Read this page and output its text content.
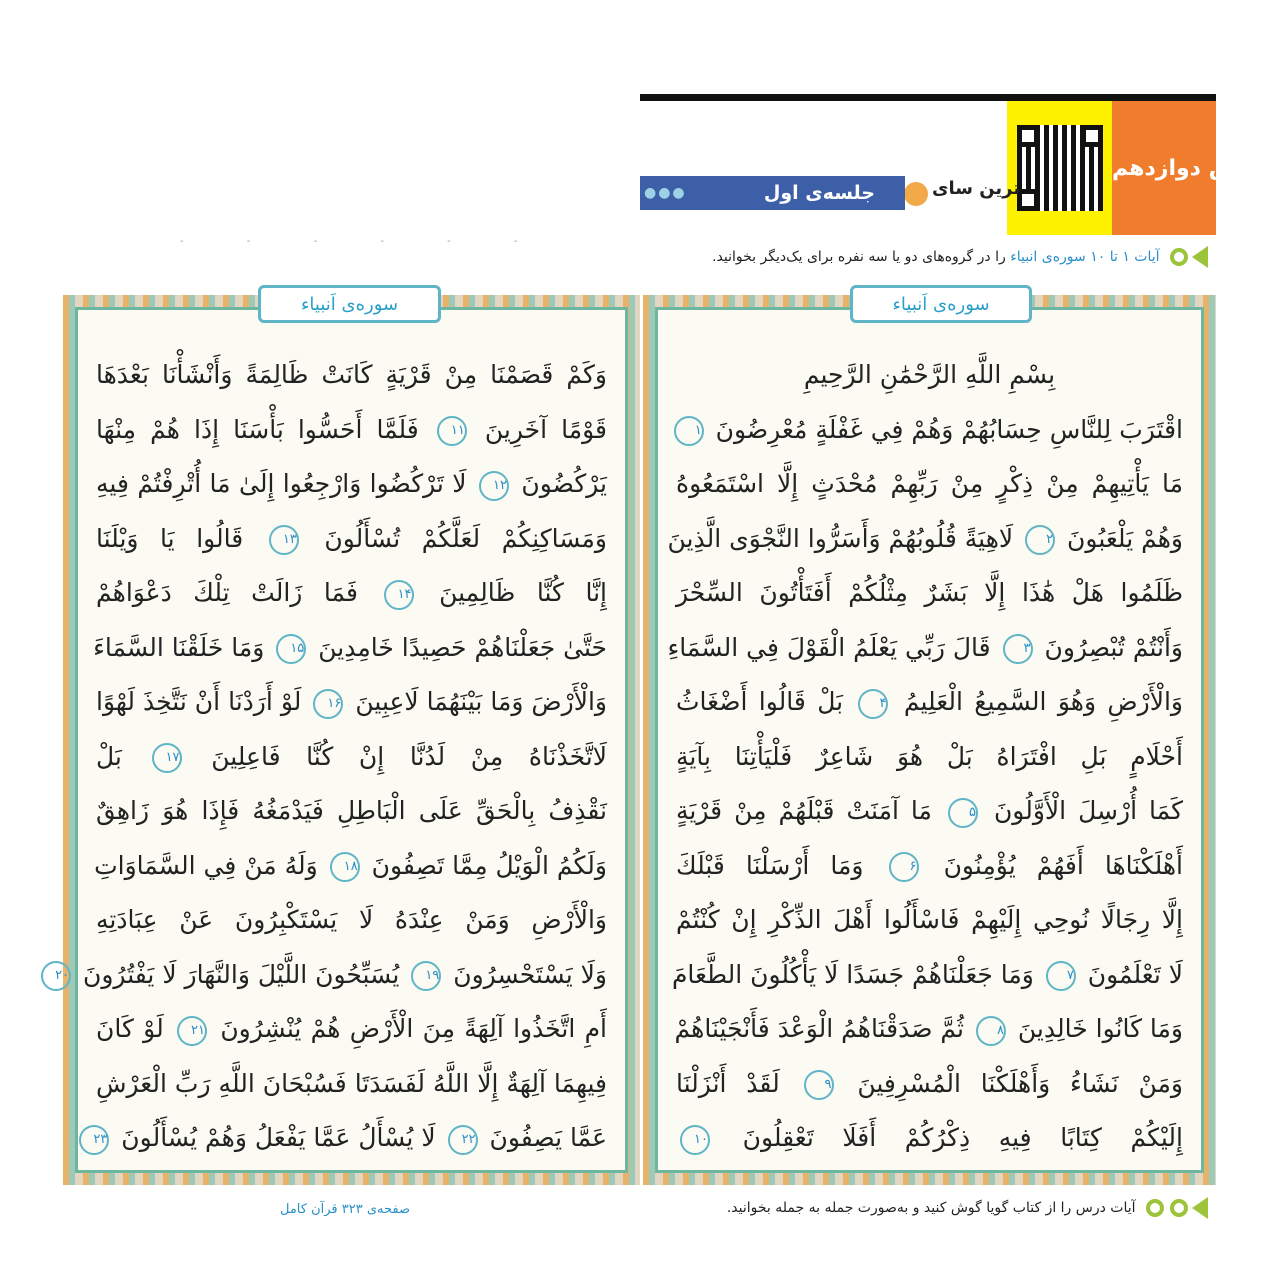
درس دوازدهم
ترین سای
جلسه‌ی اول
●●●
آیات ۱ تا ۱۰ سوره‌ی انبیاء را در گروه‌های دو یا سه نفره برای یک‌دیگر بخوانید.
- - - - - -
وَكَمْ قَصَمْنَا مِنْ قَرْيَةٍ كَانَتْ ظَالِمَةً وَأَنْشَأْنَا بَعْدَهَا
قَوْمًا آخَرِينَ ۱۱ فَلَمَّا أَحَسُّوا بَأْسَنَا إِذَا هُمْ مِنْهَا
يَرْكُضُونَ ۱۲ لَا تَرْكُضُوا وَارْجِعُوا إِلَىٰ مَا أُتْرِفْتُمْ فِيهِ
وَمَسَاكِنِكُمْ لَعَلَّكُمْ تُسْأَلُونَ ۱۳ قَالُوا يَا وَيْلَنَا
إِنَّا كُنَّا ظَالِمِينَ ۱۴ فَمَا زَالَتْ تِلْكَ دَعْوَاهُمْ
حَتَّىٰ جَعَلْنَاهُمْ حَصِيدًا خَامِدِينَ ۱۵ وَمَا خَلَقْنَا السَّمَاءَ
وَالْأَرْضَ وَمَا بَيْنَهُمَا لَاعِبِينَ ۱۶ لَوْ أَرَدْنَا أَنْ نَتَّخِذَ لَهْوًا
لَاتَّخَذْنَاهُ مِنْ لَدُنَّا إِنْ كُنَّا فَاعِلِينَ ۱۷ بَلْ
نَقْذِفُ بِالْحَقِّ عَلَى الْبَاطِلِ فَيَدْمَغُهُ فَإِذَا هُوَ زَاهِقٌ
وَلَكُمُ الْوَيْلُ مِمَّا تَصِفُونَ ۱۸ وَلَهُ مَنْ فِي السَّمَاوَاتِ
وَالْأَرْضِ وَمَنْ عِنْدَهُ لَا يَسْتَكْبِرُونَ عَنْ عِبَادَتِهِ
وَلَا يَسْتَحْسِرُونَ ۱۹ يُسَبِّحُونَ اللَّيْلَ وَالنَّهَارَ لَا يَفْتُرُونَ ۲۰
أَمِ اتَّخَذُوا آلِهَةً مِنَ الْأَرْضِ هُمْ يُنْشِرُونَ ۲۱ لَوْ كَانَ
فِيهِمَا آلِهَةٌ إِلَّا اللَّهُ لَفَسَدَتَا فَسُبْحَانَ اللَّهِ رَبِّ الْعَرْشِ
عَمَّا يَصِفُونَ ۲۲ لَا يُسْأَلُ عَمَّا يَفْعَلُ وَهُمْ يُسْأَلُونَ ۲۳
سوره‌ی اَنبیاء
بِسْمِ اللَّهِ الرَّحْمَٰنِ الرَّحِيمِ
اقْتَرَبَ لِلنَّاسِ حِسَابُهُمْ وَهُمْ فِي غَفْلَةٍ مُعْرِضُونَ ۱
مَا يَأْتِيهِمْ مِنْ ذِكْرٍ مِنْ رَبِّهِمْ مُحْدَثٍ إِلَّا اسْتَمَعُوهُ
وَهُمْ يَلْعَبُونَ ۲ لَاهِيَةً قُلُوبُهُمْ وَأَسَرُّوا النَّجْوَى الَّذِينَ
ظَلَمُوا هَلْ هَٰذَا إِلَّا بَشَرٌ مِثْلُكُمْ أَفَتَأْتُونَ السِّحْرَ
وَأَنْتُمْ تُبْصِرُونَ ۳ قَالَ رَبِّي يَعْلَمُ الْقَوْلَ فِي السَّمَاءِ
وَالْأَرْضِ وَهُوَ السَّمِيعُ الْعَلِيمُ ۴ بَلْ قَالُوا أَضْغَاثُ
أَحْلَامٍ بَلِ افْتَرَاهُ بَلْ هُوَ شَاعِرٌ فَلْيَأْتِنَا بِآيَةٍ
كَمَا أُرْسِلَ الْأَوَّلُونَ ۵ مَا آمَنَتْ قَبْلَهُمْ مِنْ قَرْيَةٍ
أَهْلَكْنَاهَا أَفَهُمْ يُؤْمِنُونَ ۶ وَمَا أَرْسَلْنَا قَبْلَكَ
إِلَّا رِجَالًا نُوحِي إِلَيْهِمْ فَاسْأَلُوا أَهْلَ الذِّكْرِ إِنْ كُنْتُمْ
لَا تَعْلَمُونَ ۷ وَمَا جَعَلْنَاهُمْ جَسَدًا لَا يَأْكُلُونَ الطَّعَامَ
وَمَا كَانُوا خَالِدِينَ ۸ ثُمَّ صَدَقْنَاهُمُ الْوَعْدَ فَأَنْجَيْنَاهُمْ
وَمَنْ نَشَاءُ وَأَهْلَكْنَا الْمُسْرِفِينَ ۹ لَقَدْ أَنْزَلْنَا
إِلَيْكُمْ كِتَابًا فِيهِ ذِكْرُكُمْ أَفَلَا تَعْقِلُونَ ۱۰
سوره‌ی اَنبیاء
صفحه‌ی ۳۲۳ قرآن کامل	آیات درس را از کتاب گویا گوش کنید و به‌صورت جمله به جمله بخوانید.
